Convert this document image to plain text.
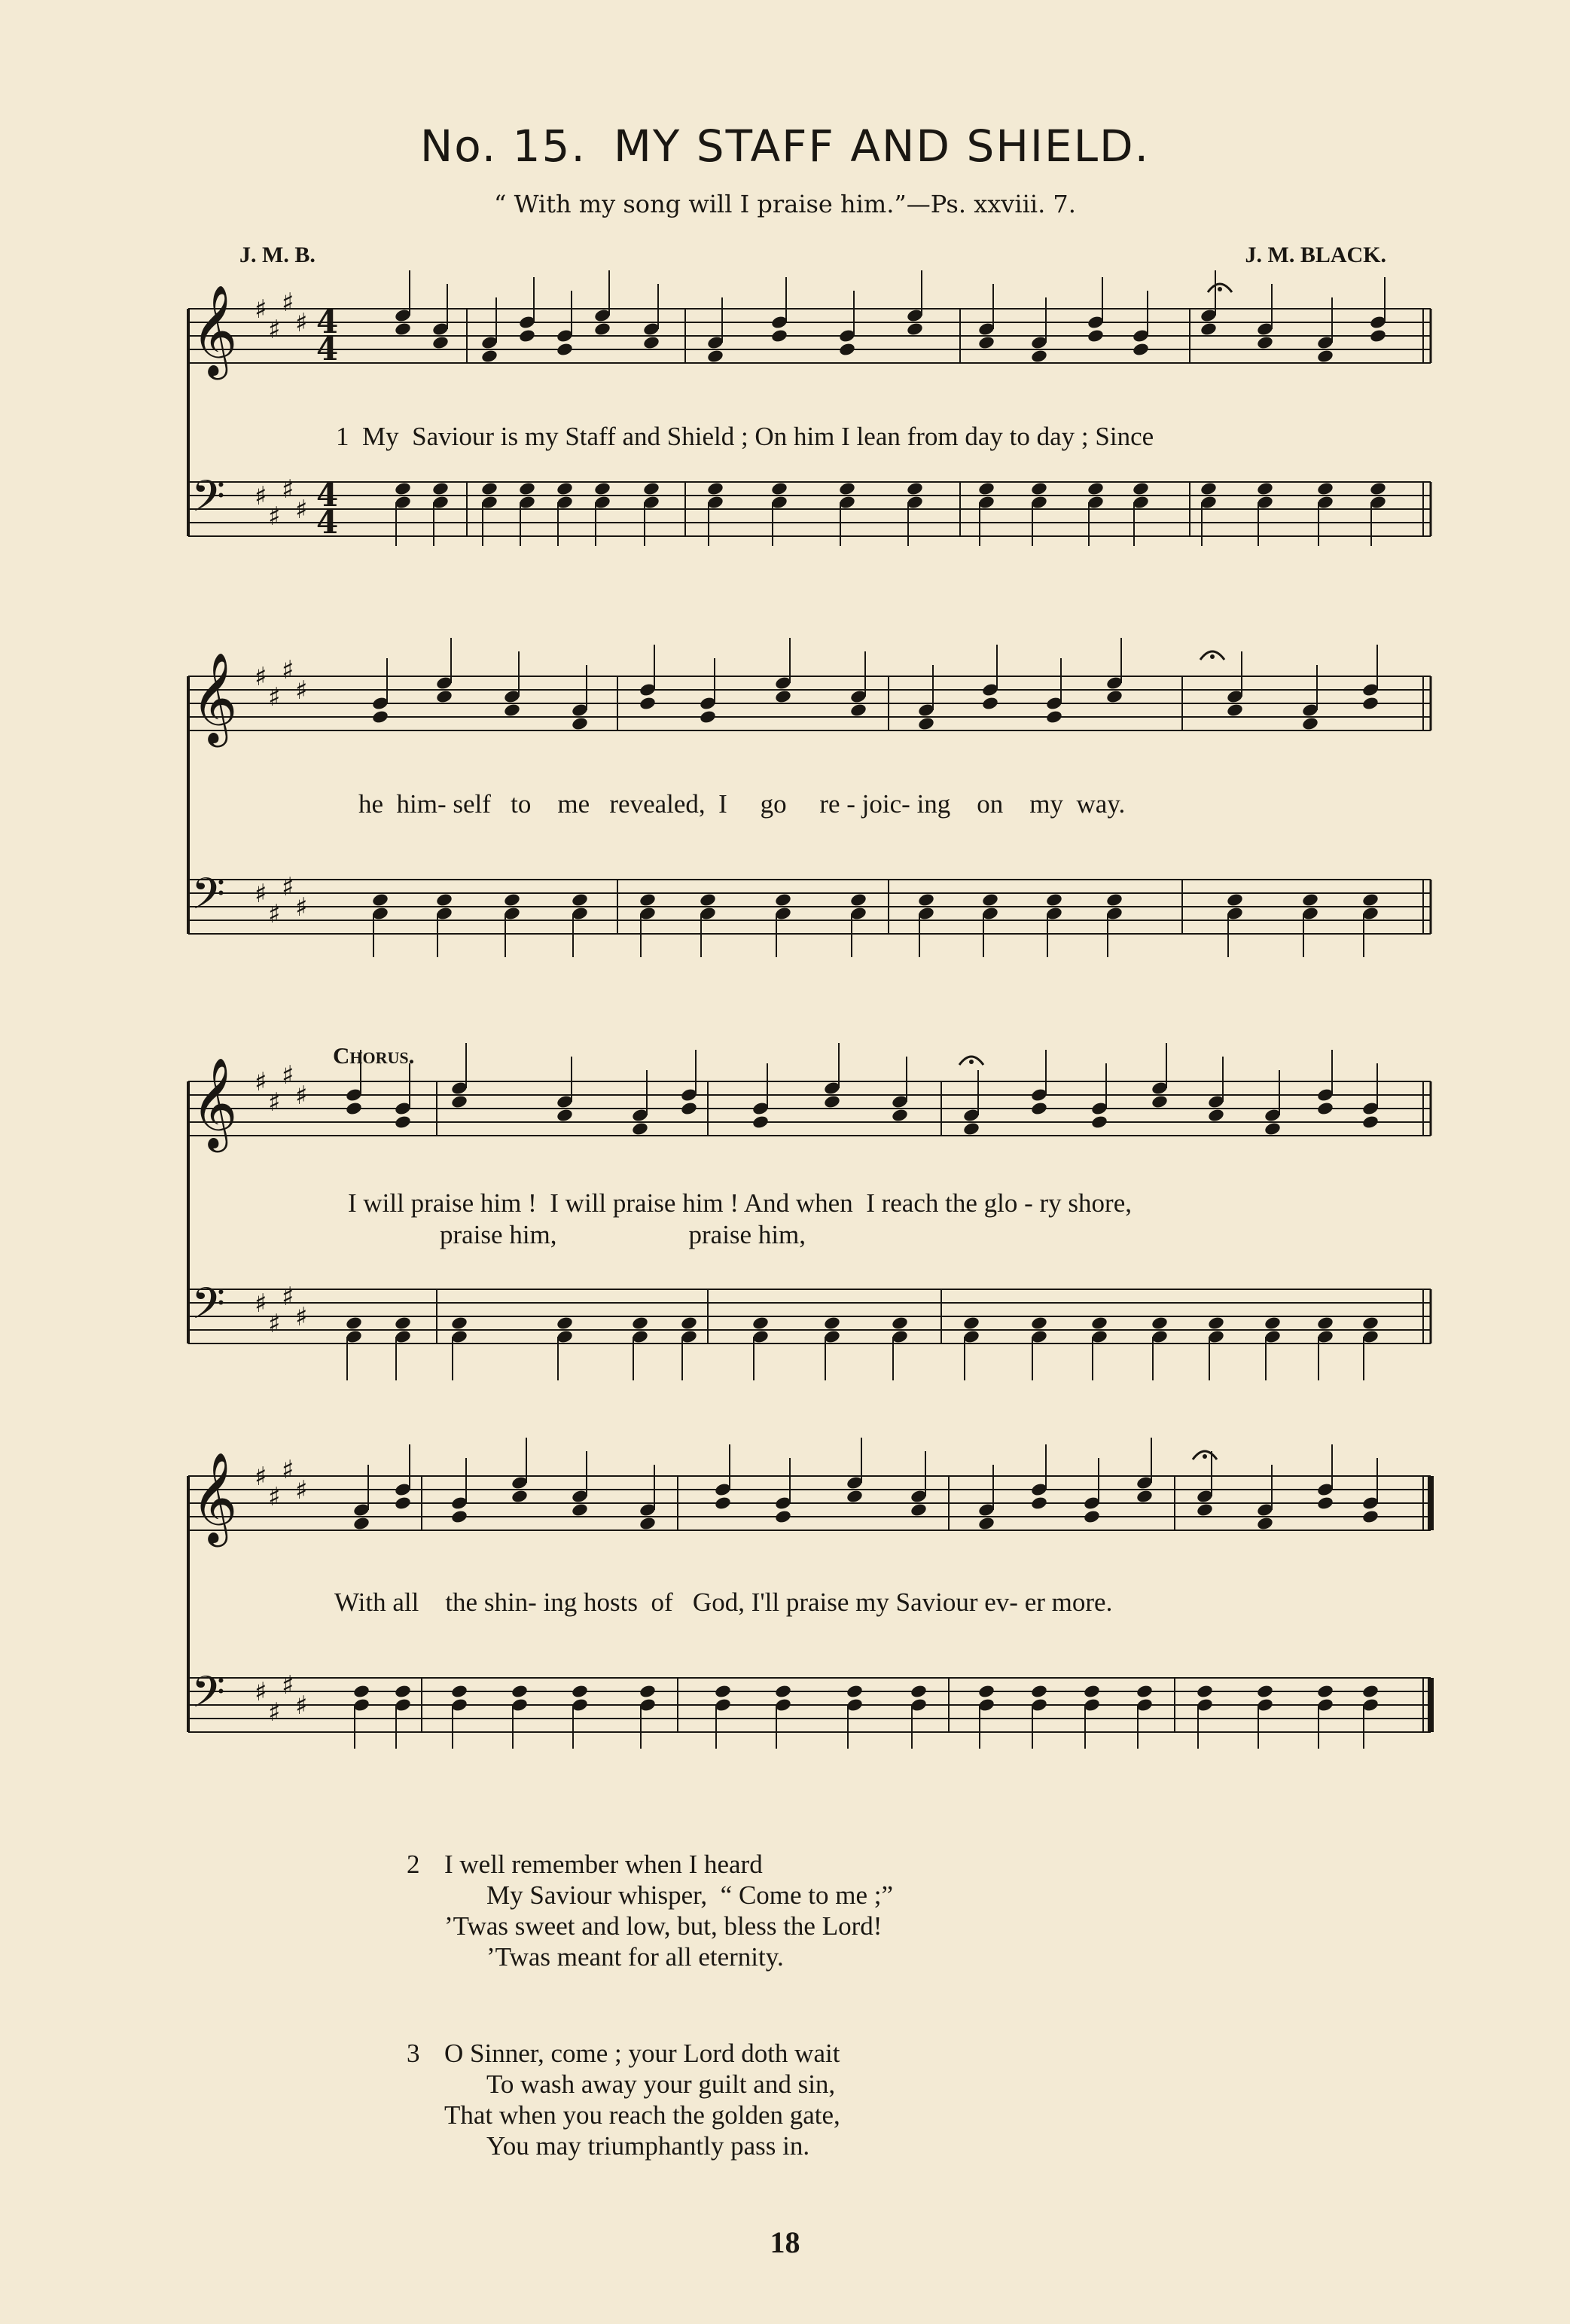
No. 15. MY STAFF AND SHIELD.
“ With my song will I praise him.”—Ps. xxviii. 7.
J. M. B.	J. M. BLACK.
𝄞 ♯
♯
♯
♯ 4
4
𝄢 ♯
♯
♯
♯ 4
4
𝄞 ♯
♯
♯
♯
𝄢 ♯
♯
♯
♯
𝄞 ♯
♯
♯
♯
𝄢 ♯
♯
♯
♯
𝄞 ♯
♯
♯
♯
𝄢 ♯
♯
♯
♯
1  My  Saviour is my Staff and Shield ; On him I lean from day to day ; Since
he  him- self   to    me   revealed,  I     go     re - joic- ing    on    my  way.
Chorus.
I will praise him !  I will praise him ! And when  I reach the glo - ry shore,
praise him,                    praise him,
With all    the shin- ing hosts  of   God, I'll praise my Saviour ev- er more.
2 I well remember when I heard
My Saviour whisper,  “ Come to me ;”
’Twas sweet and low, but, bless the Lord!
’Twas meant for all eternity.
3 O Sinner, come ; your Lord doth wait
To wash away your guilt and sin,
That when you reach the golden gate,
You may triumphantly pass in.
18
